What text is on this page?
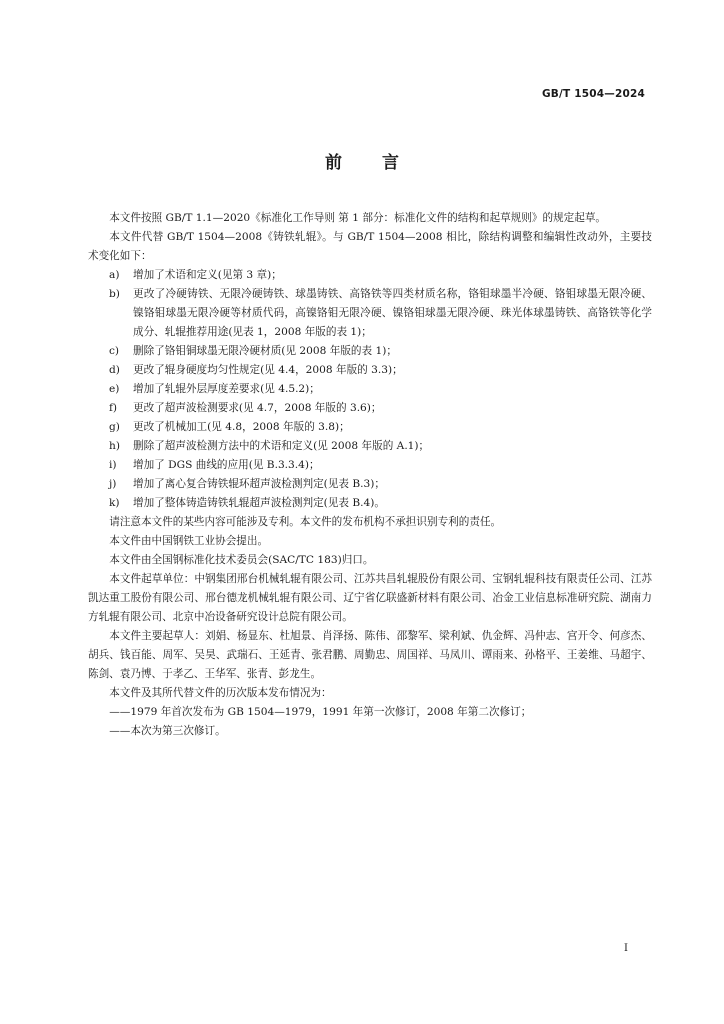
GB/T 1504—2024
前言

本文件按照 GB/T 1.1—2020《标准化工作导则 第 1 部分：标准化文件的结构和起草规则》的规定起草。

本文件代替 GB/T 1504—2008《铸铁轧辊》。与 GB/T 1504—2008 相比，除结构调整和编辑性改动外，主要技术变化如下：

a)	增加了术语和定义(见第 3 章)；
b)	更改了冷硬铸铁、无限冷硬铸铁、球墨铸铁、高铬铁等四类材质名称，铬钼球墨半冷硬、铬钼球墨无限冷硬、镍铬钼球墨无限冷硬等材质代码，高镍铬钼无限冷硬、镍铬钼球墨无限冷硬、珠光体球墨铸铁、高铬铁等化学成分、轧辊推荐用途(见表 1，2008 年版的表 1)；
c)	删除了铬钼铜球墨无限冷硬材质(见 2008 年版的表 1)；
d)	更改了辊身硬度均匀性规定(见 4.4，2008 年版的 3.3)；
e)	增加了轧辊外层厚度差要求(见 4.5.2)；
f)	更改了超声波检测要求(见 4.7，2008 年版的 3.6)；
g)	更改了机械加工(见 4.8，2008 年版的 3.8)；
h)	删除了超声波检测方法中的术语和定义(见 2008 年版的 A.1)；
i)	增加了 DGS 曲线的应用(见 B.3.3.4)；
j)	增加了离心复合铸铁辊环超声波检测判定(见表 B.3)；
k)	增加了整体铸造铸铁轧辊超声波检测判定(见表 B.4)。

请注意本文件的某些内容可能涉及专利。本文件的发布机构不承担识别专利的责任。

本文件由中国钢铁工业协会提出。

本文件由全国钢标准化技术委员会(SAC/TC 183)归口。

本文件起草单位：中钢集团邢台机械轧辊有限公司、江苏共昌轧辊股份有限公司、宝钢轧辊科技有限责任公司、江苏凯达重工股份有限公司、邢台德龙机械轧辊有限公司、辽宁省亿联盛新材料有限公司、冶金工业信息标准研究院、湖南力方轧辊有限公司、北京中冶设备研究设计总院有限公司。

本文件主要起草人：刘娟、杨显东、杜旭景、肖泽扬、陈伟、邵黎军、梁利斌、仇金辉、冯仲志、宫开令、何彦杰、胡兵、钱百能、周军、吴昊、武瑞石、王延青、张君鹏、周勤忠、周国祥、马凤川、谭雨来、孙格平、王姜维、马超宇、陈剑、袁乃博、于孝乙、王华军、张青、彭龙生。

本文件及其所代替文件的历次版本发布情况为：

——1979 年首次发布为 GB 1504—1979，1991 年第一次修订，2008 年第二次修订；
——本次为第三次修订。
I
